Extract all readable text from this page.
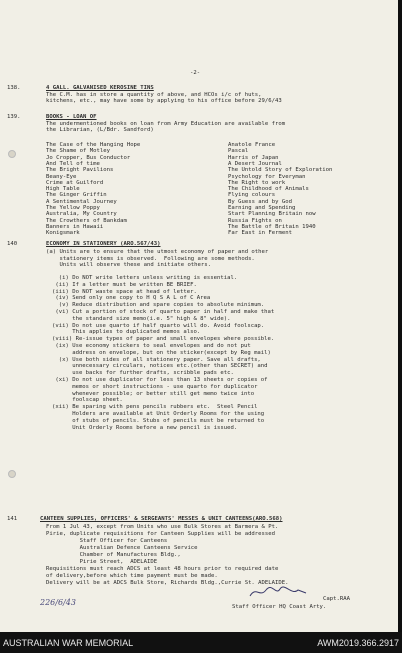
-2-
138.	4 GALL. GALVANISED KEROSINE TINS
The C.M. has in store a quantity of above, and HCOs i/c of huts,
kitchens, etc., may have some by applying to his office before 29/6/43
139.	BOOKS - LOAN OF
The undermentioned books on loan from Army Education are available from
the Librarian, (L/Bdr. Sandford)
The Case of the Hanging Hope
The Shame of Motley
Jo Cropper, Bus Conductor
And Tell of time
The Bright Pavilions
Beany-Eye
Crime at Guilford
High Table
The Ginger Griffin
A Sentimental Journey
The Yellow Poppy
Australia, My Country
The Crowthers of Bankdam
Banners in Hawaii
Konigsmark
Anatole France
Pascal
Harris of Japan
A Desert Journal
The Untold Story of Exploration
Psychology for Everyman
The Right to work
The Childhood of Animals
Flying colours
By Guess and by God
Earning and Spending
Start Planning Britain now
Russia Fights on
The Battle of Britain 1940
Far East in Ferment
140	ECONOMY IN STATIONERY (ARO.567/43)
(a) Units are to ensure that the utmost economy of paper and other
stationery items is observed.  Following are some methods.
Units will observe these and initiate others.
(i) Do NOT write letters unless writing is essential.
(ii) If a letter must be written BE BRIEF.
(iii) Do NOT waste space at head of letter.
(iv) Send only one copy to H Q S A L of C Area
(v) Reduce distribution and spare copies to absolute minimum.
(vi) Cut a portion of stock of quarto paper in half and make that
the standard size memo(i.e. 5" high & 8" wide).
(vii) Do not use quarto if half quarto will do. Avoid foolscap.
This applies to duplicated memos also.
(viii) Re-issue types of paper and small envelopes where possible.
(ix) Use economy stickers to seal envelopes and do not put
address on envelope, but on the sticker(except by Reg mail)
(x) Use both sides of all stationery paper. Save all drafts,
unnecessary circulars, notices etc.(other than SECRET) and
use backs for further drafts, scribble pads etc.
(xi) Do not use duplicator for less than 13 sheets or copies of
memos or short instructions - use quarto for duplicator
whenever possible; or better still get memo twice into
foolscap sheet.
(xii) Be sparing with pens pencils rubbers etc.  Steel Pencil
Holders are available at Unit Orderly Rooms for the using
of stubs of pencils. Stubs of pencils must be returned to
Unit Orderly Rooms before a new pencil is issued.
141	CANTEEN SUPPLIES, OFFICERS' & SERGEANTS' MESSES & UNIT CANTEENS(ARO.568)
From 1 Jul 43, except from Units who use Bulk Stores at Barmera & Pt.
Pirie, duplicate requisitions for Canteen Supplies will be addressed
Staff Officer for Canteens
Australian Defence Canteens Service
Chamber of Manufactures Bldg.,
Pirie Street,  ADELAIDE
Requisitions must reach ADCS at least 48 hours prior to required date
of delivery,before which time payment must be made.
Delivery will be at ADCS Bulk Store, Richards Bldg.,Currie St. ADELAIDE.
Capt.RAA
Staff Officer HQ Coast Arty.
226/6/43
AUSTRALIAN WAR MEMORIAL	AWM2019.366.2917
